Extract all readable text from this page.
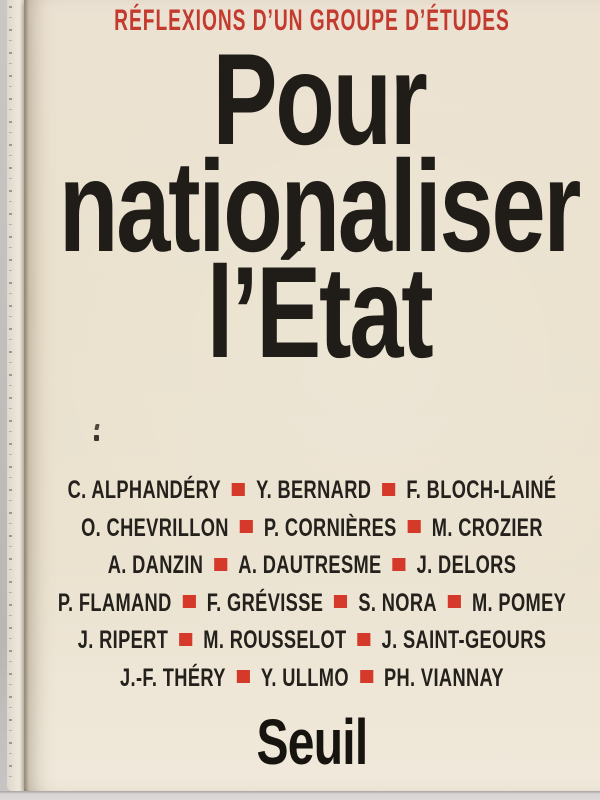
RÉFLEXIONS D’UN GROUPE D’ÉTUDES
Pour
nationaliser
l’État
C. ALPHANDÉRY Y. BERNARD F. BLOCH-LAINÉ
O. CHEVRILLON P. CORNIÈRES M. CROZIER
A. DANZIN A. DAUTRESME J. DELORS
P. FLAMAND F. GRÉVISSE S. NORA M. POMEY
J. RIPERT M. ROUSSELOT J. SAINT-GEOURS
J.-F. THÉRY Y. ULLMO PH. VIANNAY
Seuil
